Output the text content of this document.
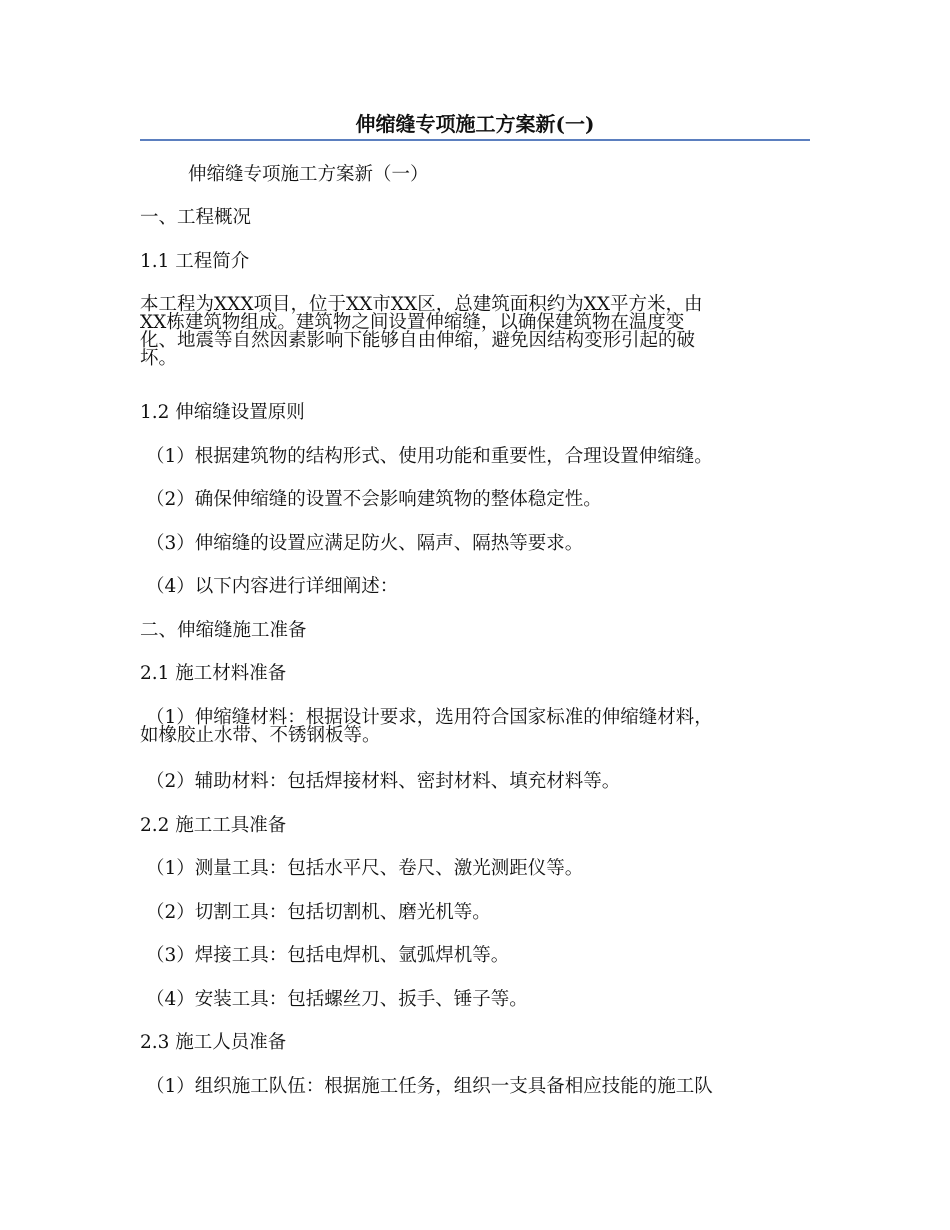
伸缩缝专项施工方案新(一)
伸缩缝专项施工方案新（一）
一、工程概况
1.1 工程简介
本工程为XXX项目，位于XX市XX区，总建筑面积约为XX平方米，由
XX栋建筑物组成。建筑物之间设置伸缩缝，以确保建筑物在温度变
化、地震等自然因素影响下能够自由伸缩，避免因结构变形引起的破
坏。
1.2 伸缩缝设置原则
（1）根据建筑物的结构形式、使用功能和重要性，合理设置伸缩缝。
（2）确保伸缩缝的设置不会影响建筑物的整体稳定性。
（3）伸缩缝的设置应满足防火、隔声、隔热等要求。
（4）以下内容进行详细阐述：
二、伸缩缝施工准备
2.1 施工材料准备
（1）伸缩缝材料：根据设计要求，选用符合国家标准的伸缩缝材料，
如橡胶止水带、不锈钢板等。
（2）辅助材料：包括焊接材料、密封材料、填充材料等。
2.2 施工工具准备
（1）测量工具：包括水平尺、卷尺、激光测距仪等。
（2）切割工具：包括切割机、磨光机等。
（3）焊接工具：包括电焊机、氩弧焊机等。
（4）安装工具：包括螺丝刀、扳手、锤子等。
2.3 施工人员准备
（1）组织施工队伍：根据施工任务，组织一支具备相应技能的施工队
